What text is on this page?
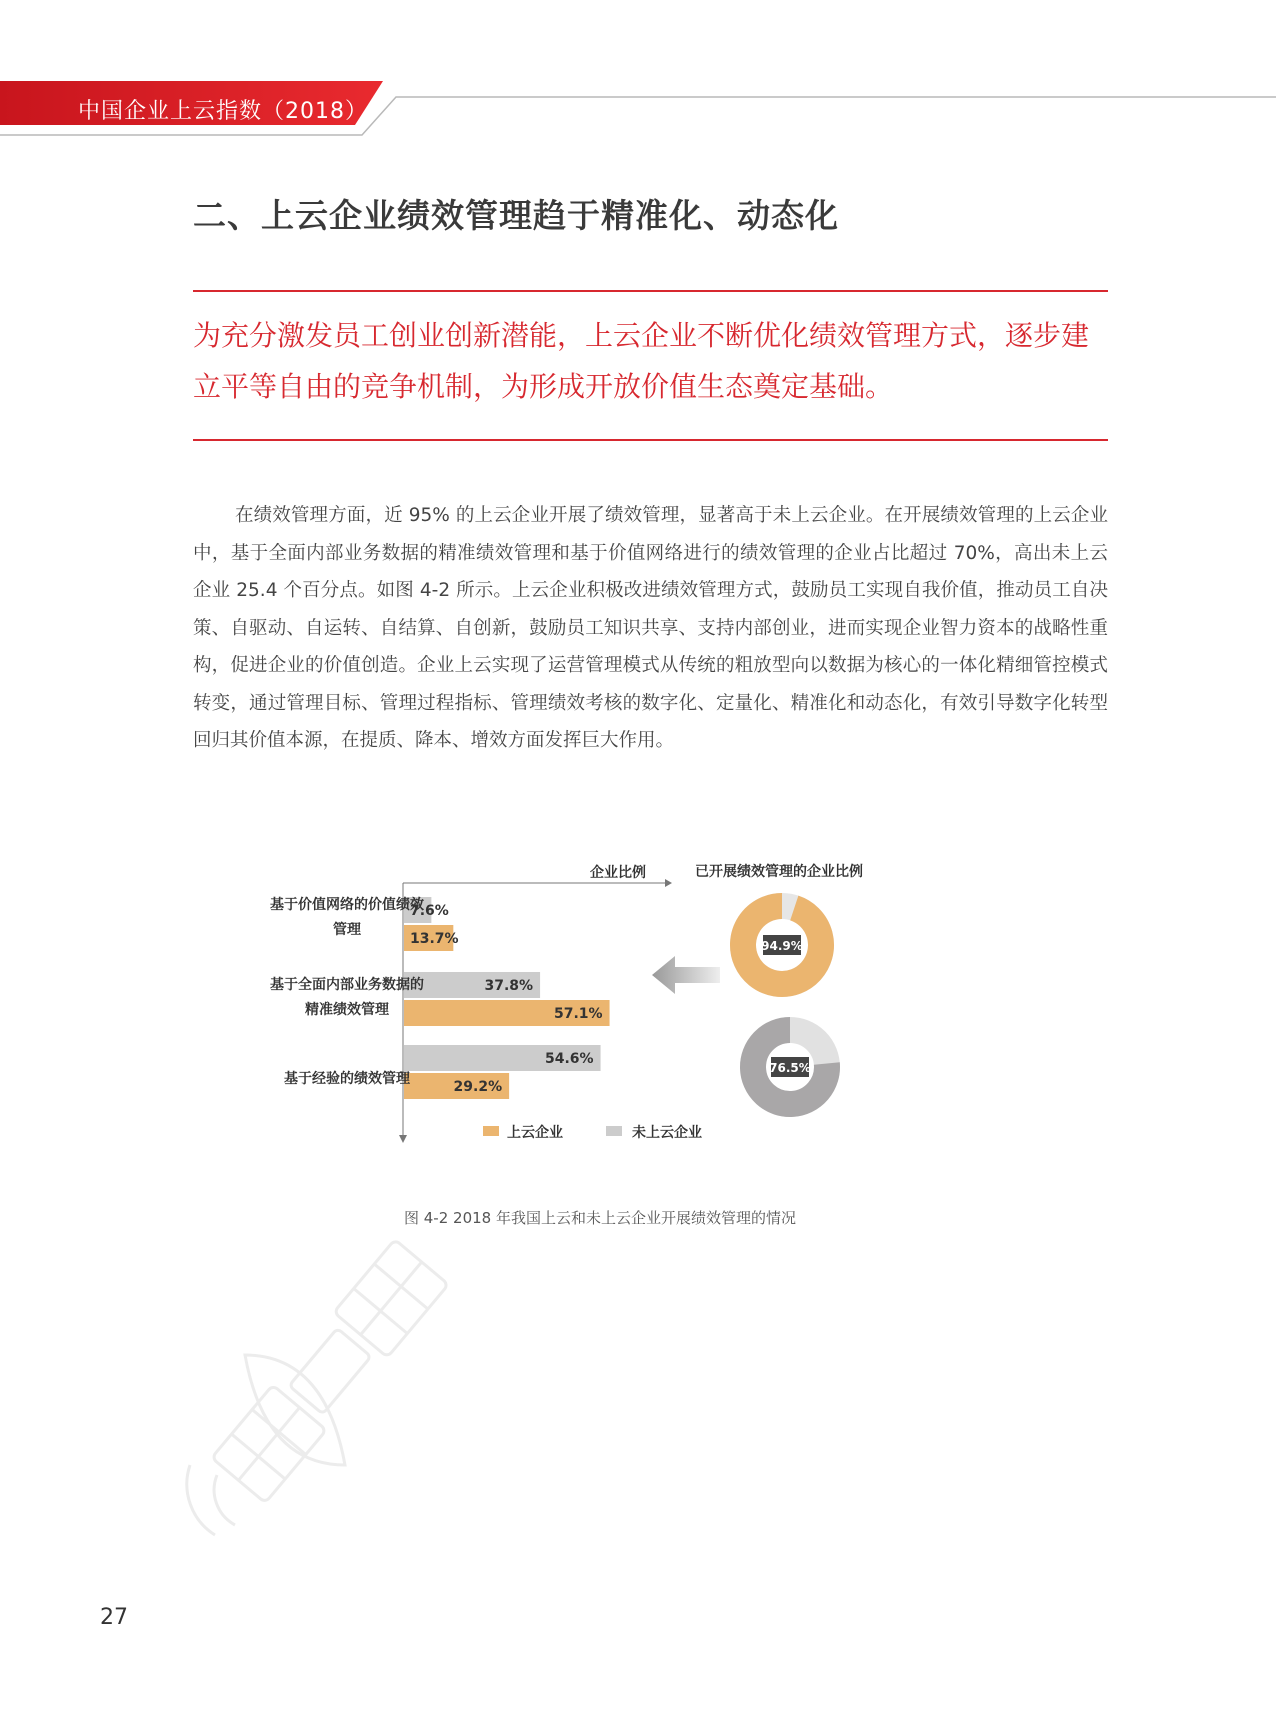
中国企业上云指数（2018）
二、上云企业绩效管理趋于精准化、动态化
为充分激发员工创业创新潜能，上云企业不断优化绩效管理方式，逐步建立平等自由的竞争机制，为形成开放价值生态奠定基础。
在绩效管理方面，近 95% 的上云企业开展了绩效管理，显著高于未上云企业。在开展绩效管理的上云企业中，基于全面内部业务数据的精准绩效管理和基于价值网络进行的绩效管理的企业占比超过 70%，高出未上云企业 25.4 个百分点。如图 4-2 所示。上云企业积极改进绩效管理方式，鼓励员工实现自我价值，推动员工自决策、自驱动、自运转、自结算、自创新，鼓励员工知识共享、支持内部创业，进而实现企业智力资本的战略性重构，促进企业的价值创造。企业上云实现了运营管理模式从传统的粗放型向以数据为核心的一体化精细管控模式转变，通过管理目标、管理过程指标、管理绩效考核的数字化、定量化、精准化和动态化，有效引导数字化转型回归其价值本源，在提质、降本、增效方面发挥巨大作用。
企业比例
7.6%
37.8%
54.6%
13.7%
57.1%
29.2%
上云企业	未上云企业
已开展绩效管理的企业比例
94.9%
76.5%
基于价值网络的价值绩效
管理
基于全面内部业务数据的
精准绩效管理
基于经验的绩效管理
图 4-2 2018 年我国上云和未上云企业开展绩效管理的情况
27
